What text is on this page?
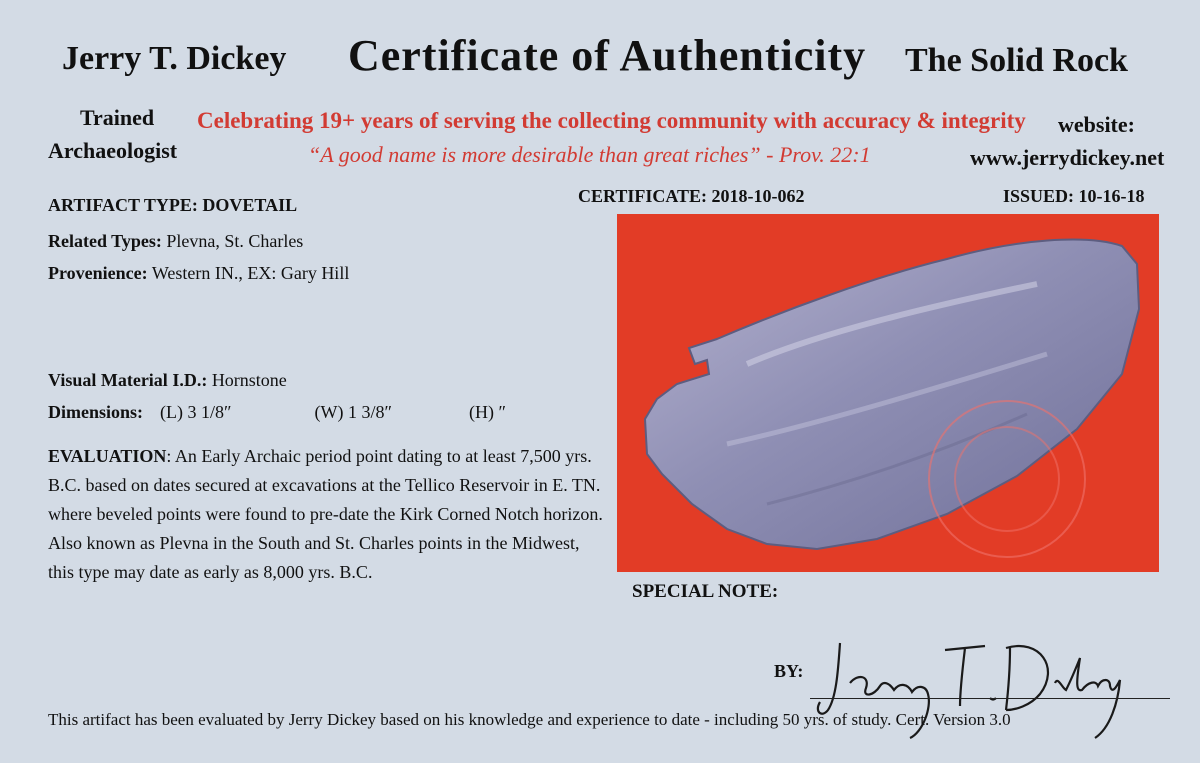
Jerry T. Dickey Certificate of Authenticity The Solid Rock
Trained
Archaeologist
Celebrating 19+ years of serving the collecting community with accuracy & integrity
“A good name is more desirable than great riches” - Prov. 22:1
website:
www.jerrydickey.net
CERTIFICATE: 2018-10-062	ISSUED: 10-16-18
ARTIFACT TYPE: DOVETAIL
Related Types: Plevna, St. Charles
Provenience: Western IN., EX: Gary Hill
Visual Material I.D.: Hornstone
Dimensions: (L) 3 1/8″	(W) 1 3/8″	(H) ″
EVALUATION: An Early Archaic period point dating to at least 7,500 yrs. B.C. based on dates secured at excavations at the Tellico Reservoir in E. TN. where beveled points were found to pre-date the Kirk Corned Notch horizon. Also known as Plevna in the South and St. Charles points in the Midwest, this type may date as early as 8,000 yrs. B.C.
SPECIAL NOTE:
BY:
This artifact has been evaluated by Jerry Dickey based on his knowledge and experience to date - including 50 yrs. of study. Cert. Version 3.0
